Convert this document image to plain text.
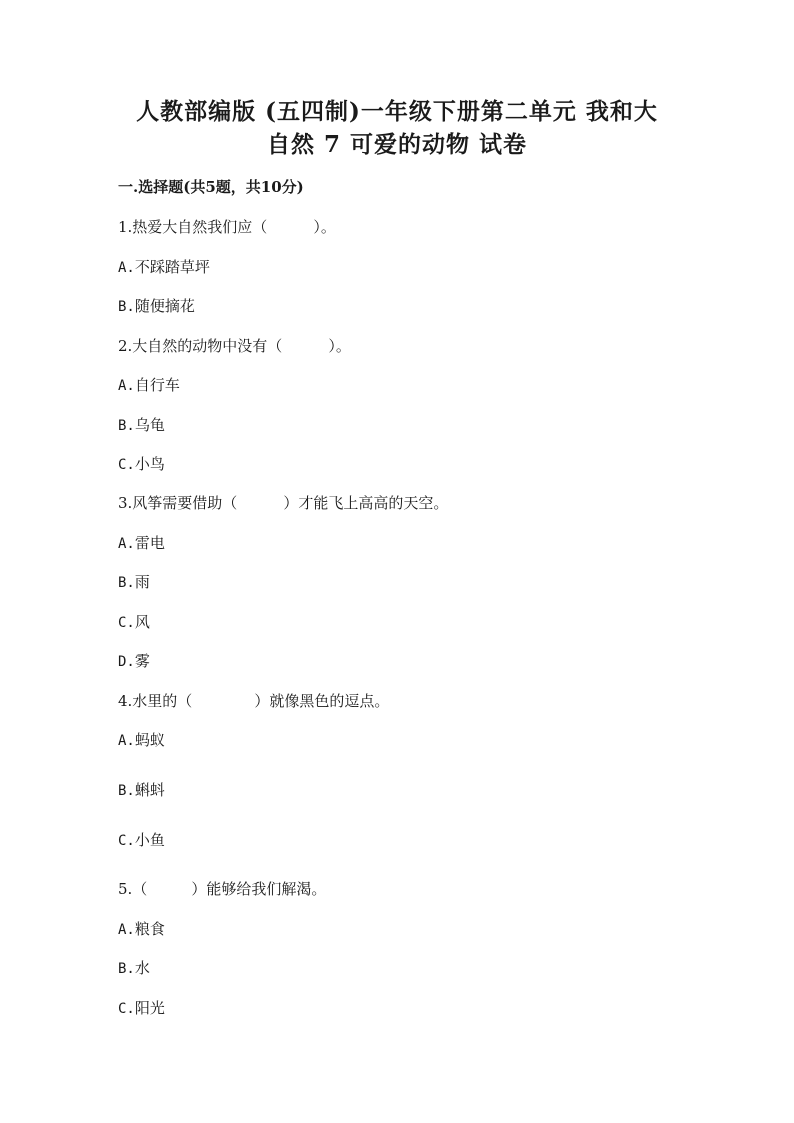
人教部编版 (五四制)一年级下册第二单元 我和大
自然 7 可爱的动物 试卷
一.选择题(共5题，共10分)
1.热爱大自然我们应（	）。
A.不踩踏草坪
B.随便摘花
2.大自然的动物中没有（	）。
A.自行车
B.乌龟
C.小鸟
3.风筝需要借助（	）才能飞上高高的天空。
A.雷电
B.雨
C.风
D.雾
4.水里的（	）就像黑色的逗点。
A.蚂蚁
B.蝌蚪
C.小鱼
5.（	）能够给我们解渴。
A.粮食
B.水
C.阳光
